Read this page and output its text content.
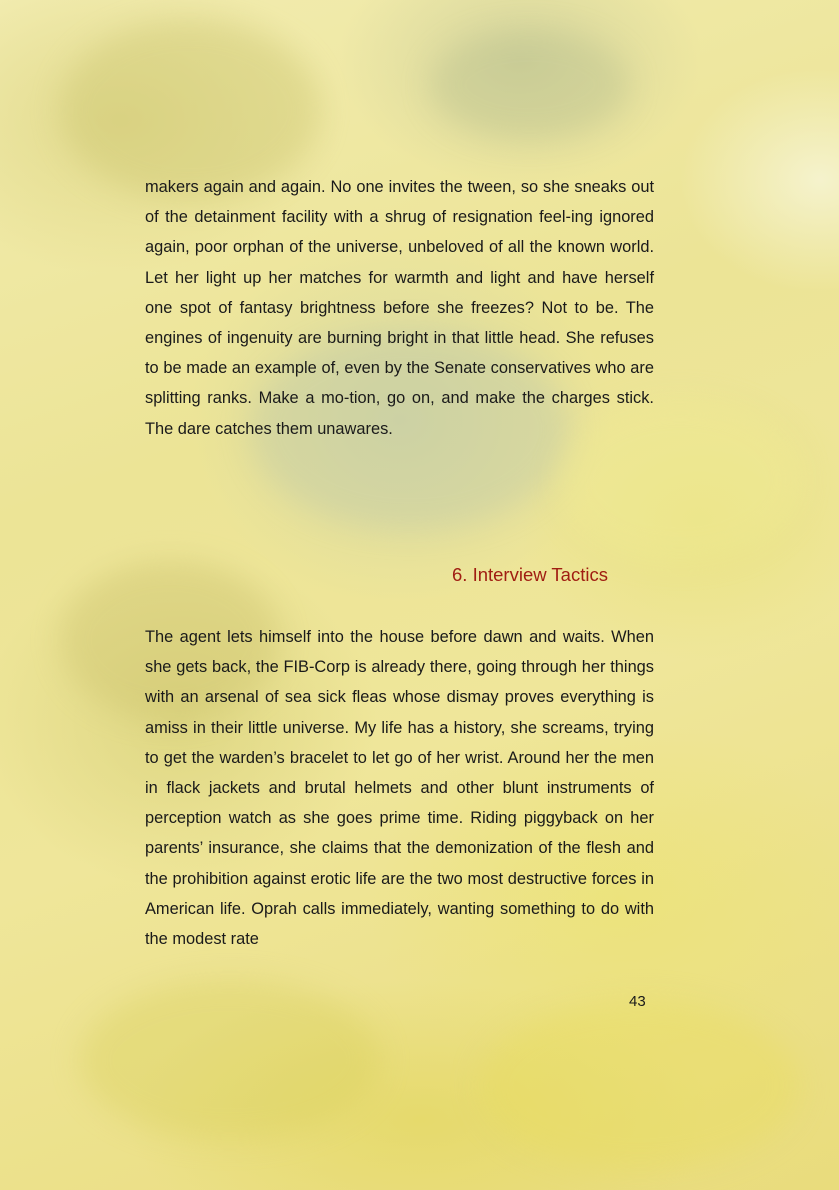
makers again and again. No one invites the tween, so she sneaks out of the detainment facility with a shrug of resignation feel-ing ignored again, poor orphan of the universe, unbeloved of all the known world. Let her light up her matches for warmth and light and have herself one spot of fantasy brightness before she freezes? Not to be. The engines of ingenuity are burning bright in that little head. She refuses to be made an example of, even by the Senate conservatives who are splitting ranks. Make a mo-tion, go on, and make the charges stick. The dare catches them unawares.

6. Interview Tactics

The agent lets himself into the house before dawn and waits. When she gets back, the FIB-Corp is already there, going through her things with an arsenal of sea sick fleas whose dismay proves everything is amiss in their little universe. My life has a history, she screams, trying to get the warden’s bracelet to let go of her wrist. Around her the men in flack jackets and brutal helmets and other blunt instruments of perception watch as she goes prime time. Riding piggyback on her parents’ insurance, she claims that the demonization of the flesh and the prohibition against erotic life are the two most destructive forces in American life. Oprah calls immediately, wanting something to do with the modest rate

43
